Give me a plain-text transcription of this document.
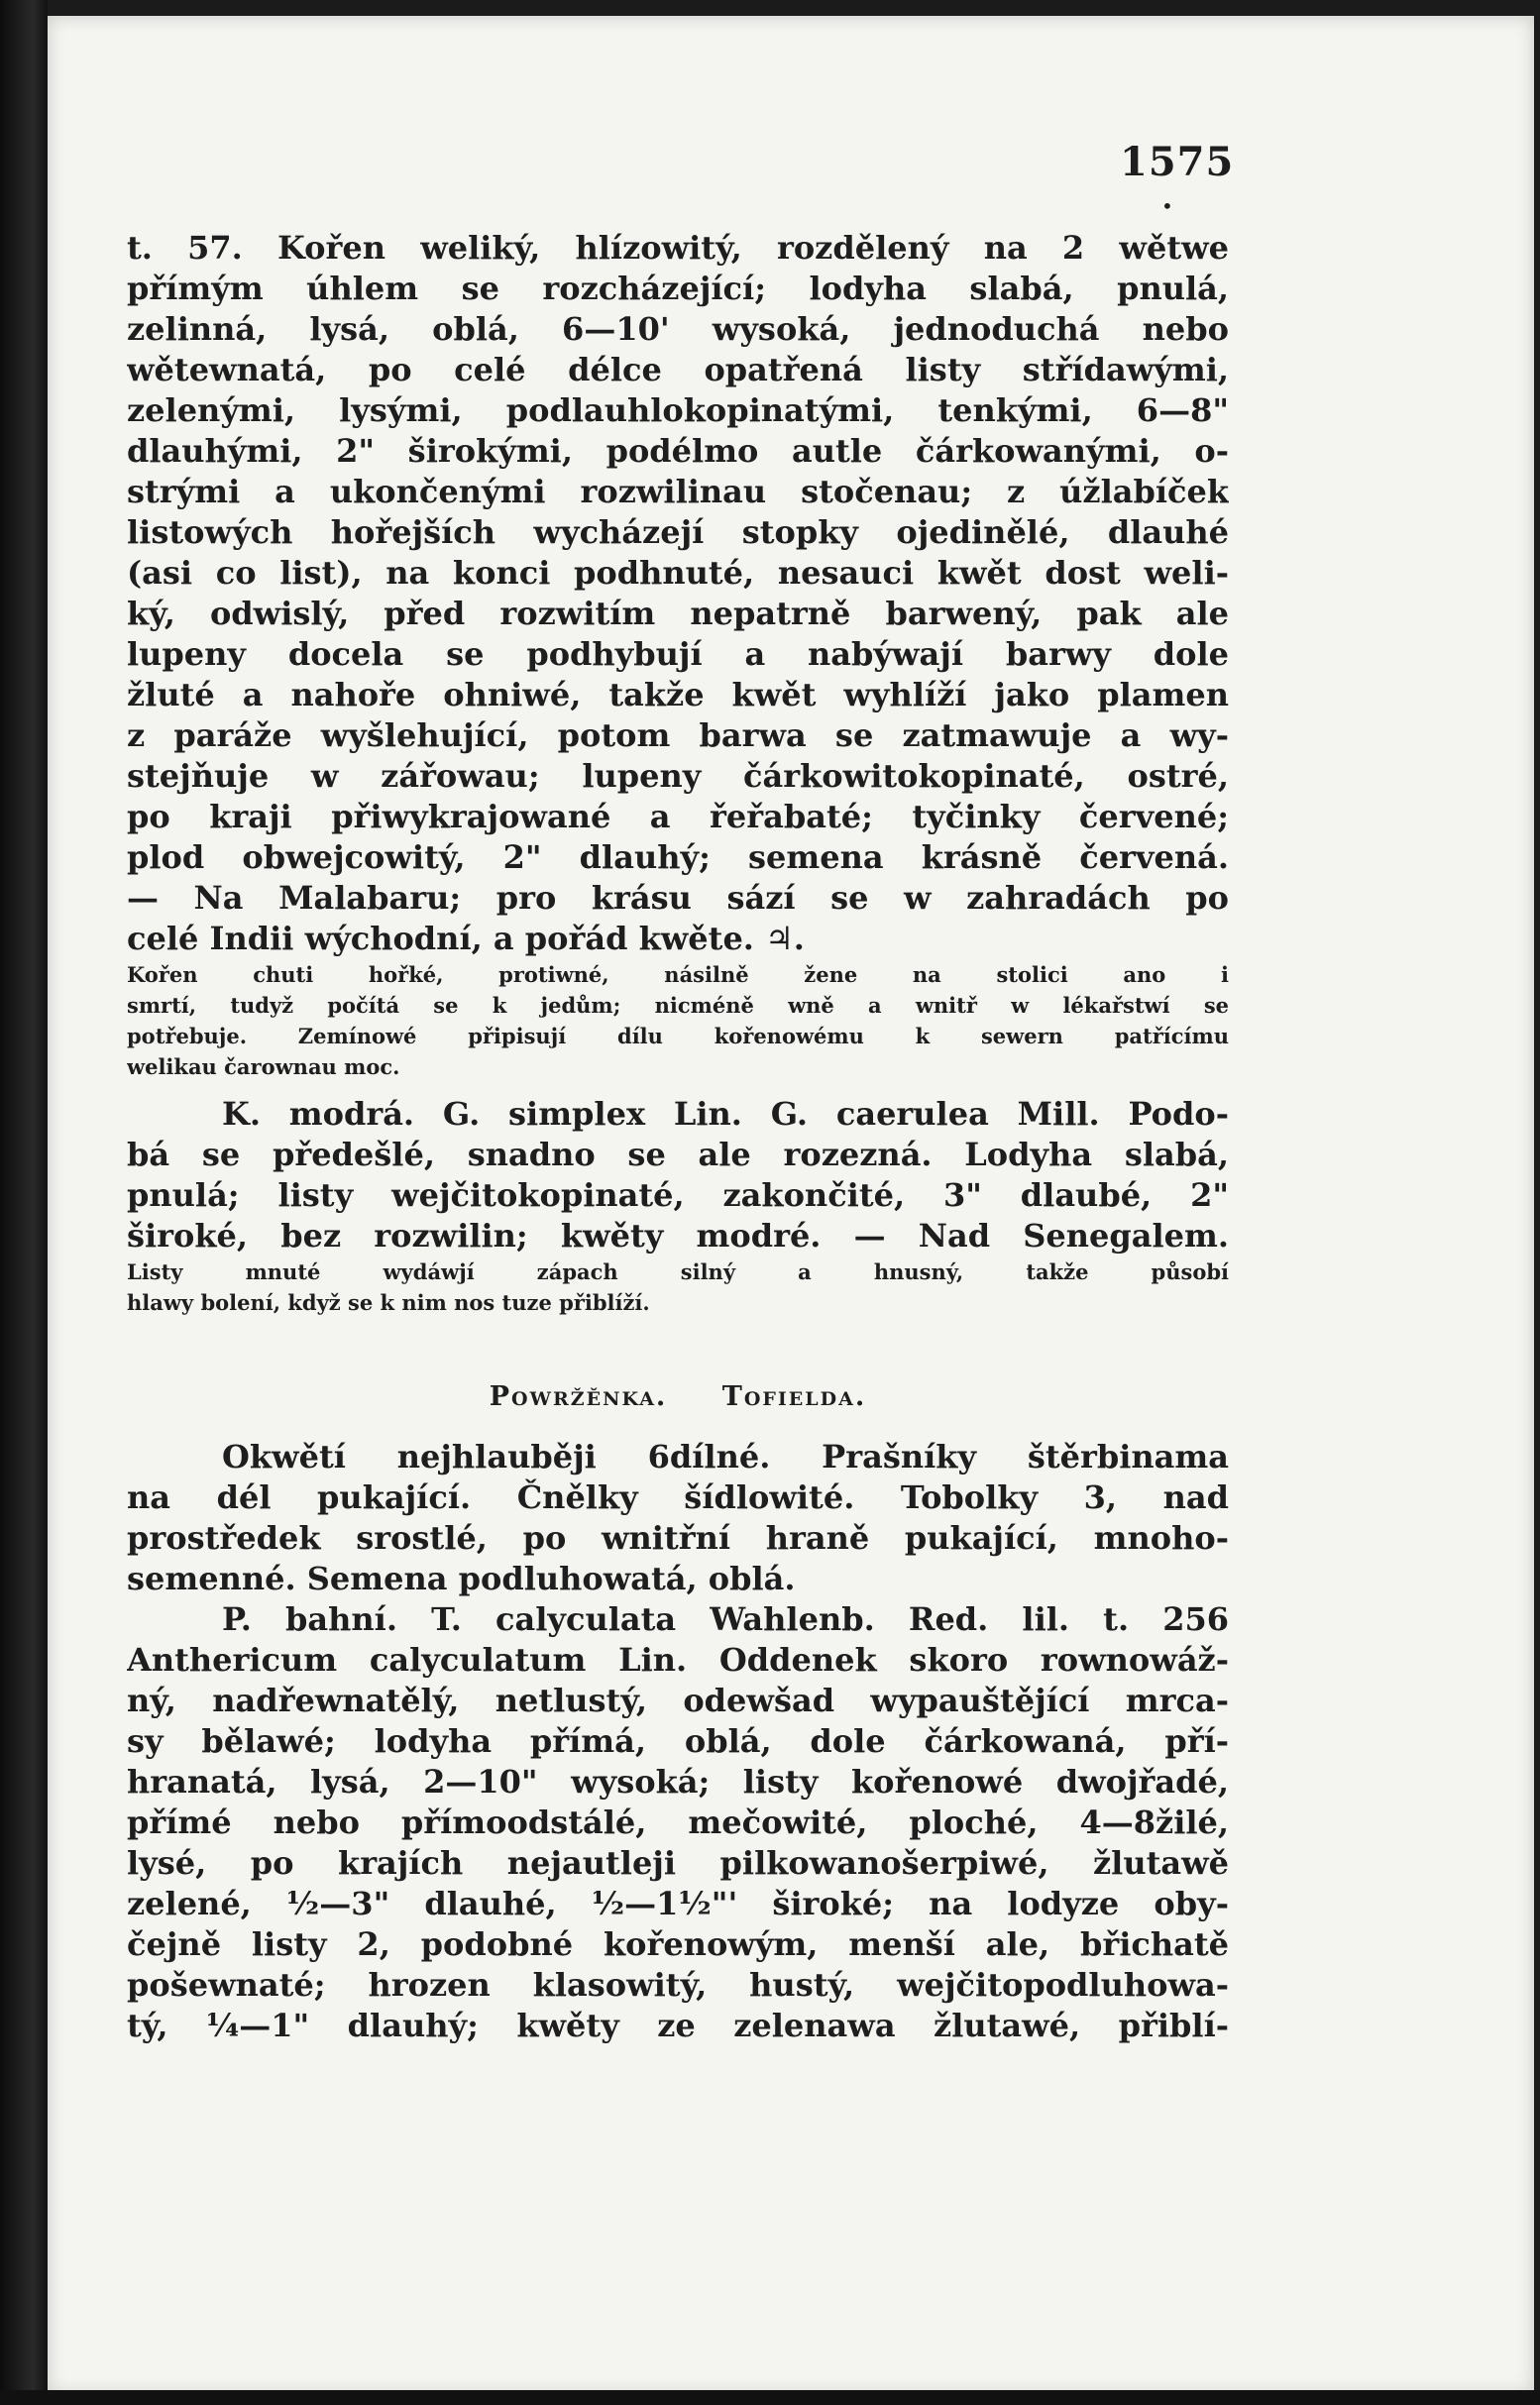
1575
•
t. 57. Kořen weliký, hlízowitý, rozdělený na 2 wětwe
přímým úhlem se rozcházející; lodyha slabá, pnulá,
zelinná, lysá, oblá, 6—10' wysoká, jednoduchá nebo
wětewnatá, po celé délce opatřená listy střídawými,
zelenými, lysými, podlauhlokopinatými, tenkými, 6—8"
dlauhými, 2" širokými, podélmo autle čárkowanými, o-
strými a ukončenými rozwilinau stočenau; z úžlabíček
listowých hořejších wycházejí stopky ojedinělé, dlauhé
(asi co list), na konci podhnuté, nesauci kwět dost weli-
ký, odwislý, před rozwitím nepatrně barwený, pak ale
lupeny docela se podhybují a nabýwají barwy dole
žluté a nahoře ohniwé, takže kwět wyhlíží jako plamen
z paráže wyšlehující, potom barwa se zatmawuje a wy-
stejňuje w zářowau; lupeny čárkowitokopinaté, ostré,
po kraji přiwykrajowané a řeřabaté; tyčinky červené;
plod obwejcowitý, 2" dlauhý; semena krásně červená.
— Na Malabaru; pro krásu sází se w zahradách po
celé Indii wýchodní, a pořád kwěte. ♃.
Kořen chuti hořké, protiwné, násilně žene na stolici ano i
smrtí, tudyž počítá se k jedům; nicméně wně a wnitř w lékařstwí se
potřebuje. Zemínowé připisují dílu kořenowému k sewern patřícímu
welikau čarownau moc.
K. modrá. G. simplex Lin. G. caerulea Mill. Podo-
bá se předešlé, snadno se ale rozezná. Lodyha slabá,
pnulá; listy wejčitokopinaté, zakončité, 3" dlaubé, 2"
široké, bez rozwilin; kwěty modré. — Nad Senegalem.
Listy mnuté wydáwjí zápach silný a hnusný, takže působí
hlawy bolení, když se k nim nos tuze přiblíží.
Powržěnka. Tofielda.
Okwětí nejhlauběji 6dílné. Prašníky štěrbinama
na dél pukající. Čnělky šídlowité. Tobolky 3, nad
prostředek srostlé, po wnitřní hraně pukající, mnoho-
semenné. Semena podluhowatá, oblá.
P. bahní. T. calyculata Wahlenb. Red. lil. t. 256
Anthericum calyculatum Lin. Oddenek skoro rownowáž-
ný, nadřewnatělý, netlustý, odewšad wypauštějící mrca-
sy bělawé; lodyha přímá, oblá, dole čárkowaná, pří-
hranatá, lysá, 2—10" wysoká; listy kořenowé dwojřadé,
přímé nebo přímoodstálé, mečowité, ploché, 4—8žilé,
lysé, po krajích nejautleji pilkowanošerpiwé, žlutawě
zelené, ½—3" dlauhé, ½—1½"' široké; na lodyze oby-
čejně listy 2, podobné kořenowým, menší ale, břichatě
pošewnaté; hrozen klasowitý, hustý, wejčitopodluhowa-
tý, ¼—1" dlauhý; kwěty ze zelenawa žlutawé, přiblí-
